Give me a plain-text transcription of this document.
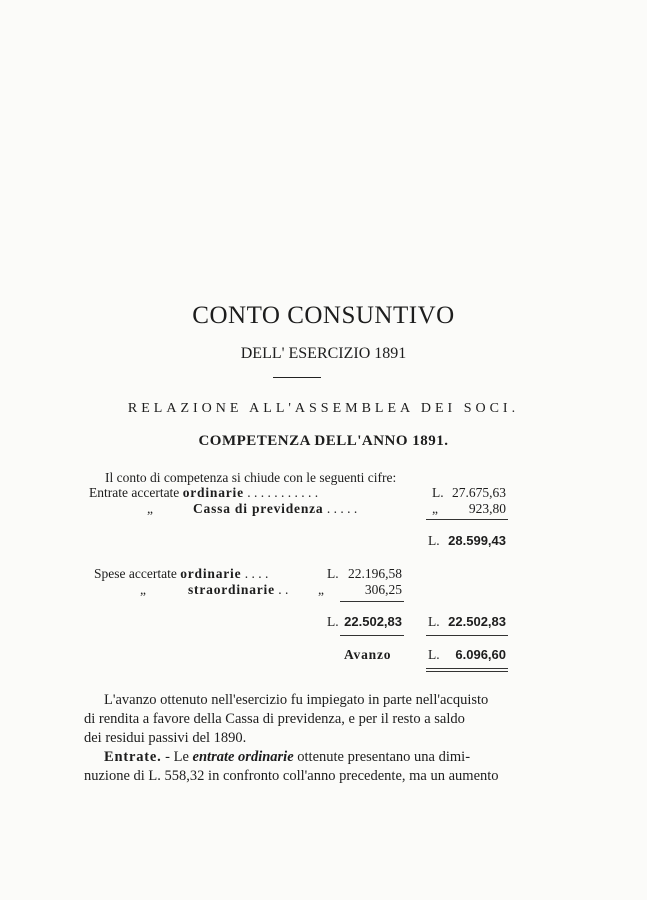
CONTO CONSUNTIVO
DELL' ESERCIZIO 1891
RELAZIONE ALL'ASSEMBLEA DEI SOCI.
COMPETENZA DELL'ANNO 1891.
Il conto di competenza si chiude con le seguenti cifre:
Entrate accertate ordinarie . . . . . . . . . . .	L. 27.675,63
„	Cassa di previdenza . . . . .	„	923,80
L. 28.599,43
Spese accertate ordinarie . . . .	L. 22.196,58
„	straordinarie . . „	306,25
L. 22.502,83 L. 22.502,83
Avanzo	L.	6.096,60
L'avanzo ottenuto nell'esercizio fu impiegato in parte nell'acquisto
di rendita a favore della Cassa di previdenza, e per il resto a saldo
dei residui passivi del 1890.
Entrate. - Le entrate ordinarie ottenute presentano una dimi-
nuzione di L. 558,32 in confronto coll'anno precedente, ma un aumento
